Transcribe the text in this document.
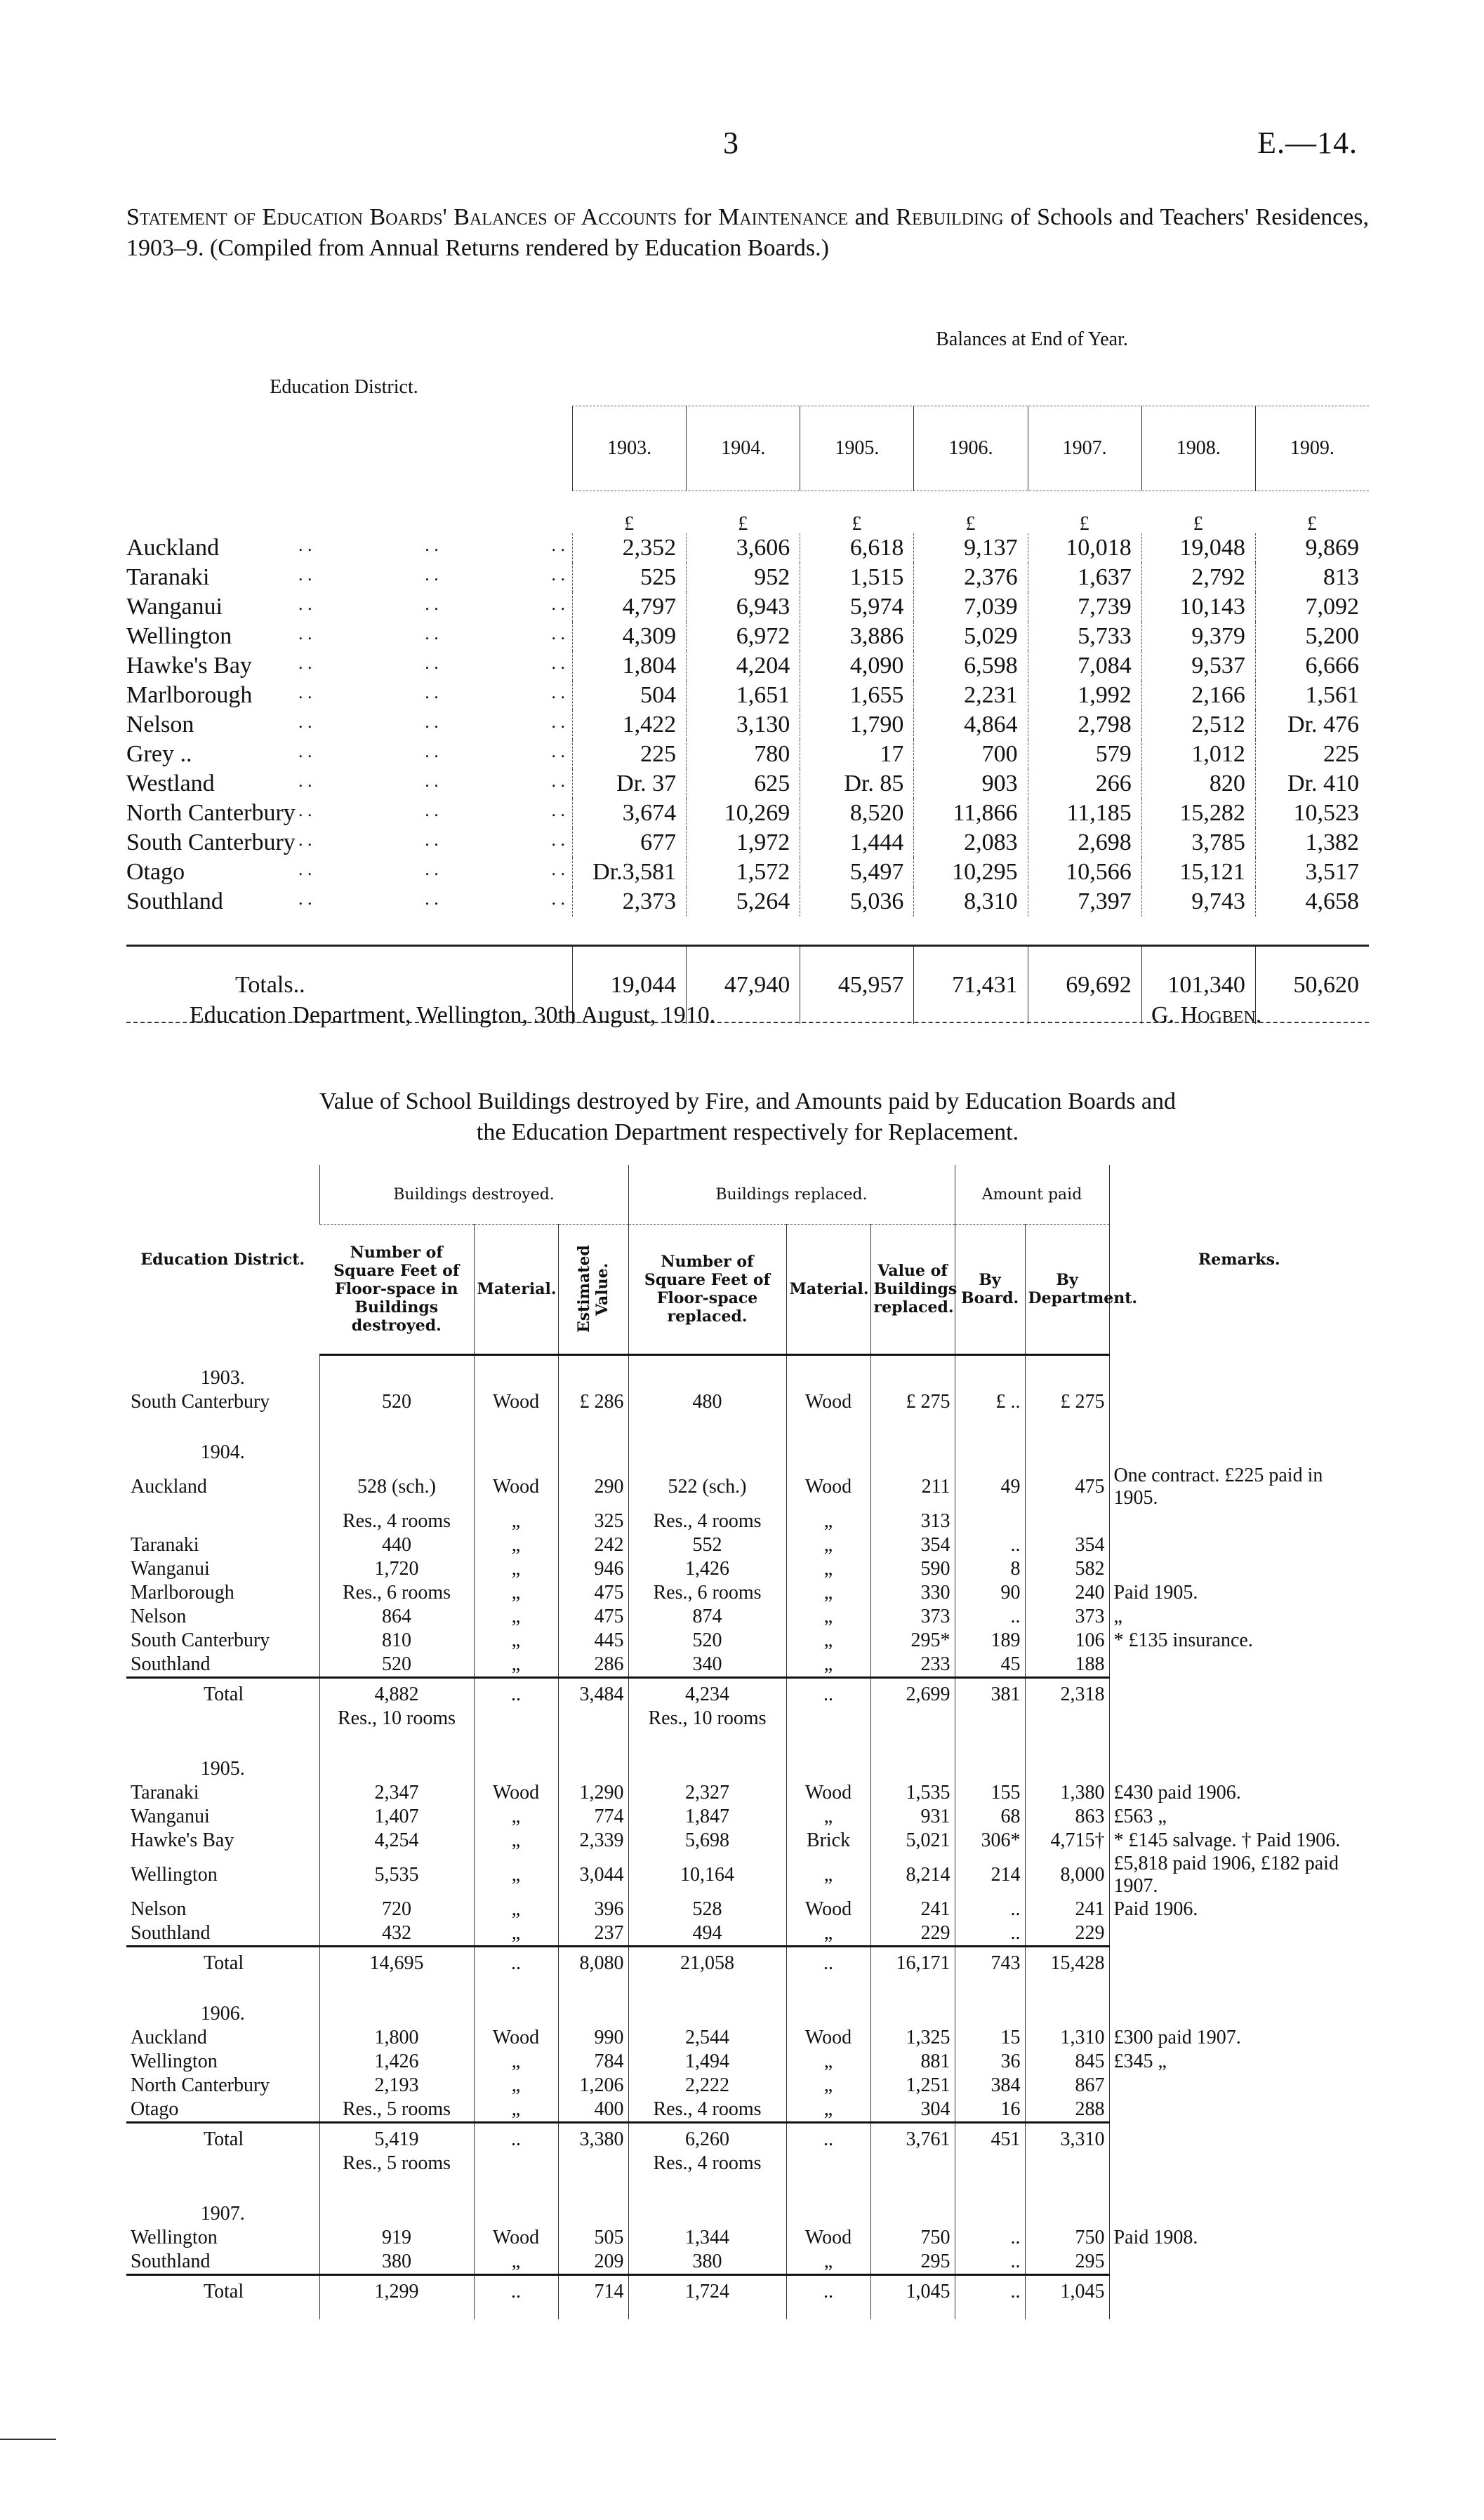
3	E.—14.
Statement of Education Boards' Balances of Accounts for Maintenance and Rebuilding of Schools and Teachers' Residences, 1903–9. (Compiled from Annual Returns rendered by Education Boards.)
Balances at End of Year.
Education District.
1903.	1904.	1905.	1906.	1907.	1908.	1909.
£	£	£	£	£	£	£
Auckland	. .	. .	. .	2,352	3,606	6,618	9,137	10,018	19,048	9,869
Taranaki	. .	. .	. .	525	952	1,515	2,376	1,637	2,792	813
Wanganui	. .	. .	. .	4,797	6,943	5,974	7,039	7,739	10,143	7,092
Wellington	. .	. .	. .	4,309	6,972	3,886	5,029	5,733	9,379	5,200
Hawke's Bay	. .	. .	. .	1,804	4,204	4,090	6,598	7,084	9,537	6,666
Marlborough	. .	. .	. .	504	1,651	1,655	2,231	1,992	2,166	1,561
Nelson	. .	. .	. .	1,422	3,130	1,790	4,864	2,798	2,512	Dr. 476
Grey ..	. .	. .	. .	225	780	17	700	579	1,012	225
Westland	. .	. .	. .	Dr. 37	625	Dr. 85	903	266	820	Dr. 410
North Canterbury . .	. .	. .	3,674	10,269	8,520	11,866	11,185	15,282	10,523
South Canterbury . .	. .	. .	677	1,972	1,444	2,083	2,698	3,785	1,382
Otago	. .	. .	. .	Dr.3,581	1,572	5,497	10,295	10,566	15,121	3,517
Southland	. .	. .	. .	2,373	5,264	5,036	8,310	7,397	9,743	4,658
Totals..	19,044	47,940	45,957	71,431	69,692	101,340	50,620
Education Department, Wellington, 30th August, 1910.	G. Hogben.
Value of School Buildings destroyed by Fire, and Amounts paid by Education Boards and
the Education Department respectively for Replacement.
Education District.	Buildings destroyed.			Buildings replaced.			Amount paid		Remarks.
	Number of Square Feet of Floor-space in Buildings destroyed.	Material.	Estimated Value.	Number of Square Feet of Floor-space replaced.	Material.	Value of Buildings replaced.	By Board.	By Department.	
1903.									
South Canterbury	520	Wood	£ 286	480	Wood	£ 275	£ ..	£ 275	

1904.									
Auckland	528 (sch.)	Wood	290	522 (sch.)	Wood	211	49	475	One contract. £225 paid in 1905.
	Res., 4 rooms	„	325	Res., 4 rooms	„	313			
Taranaki	440	„	242	552	„	354	..	354	
Wanganui	1,720	„	946	1,426	„	590	8	582	
Marlborough	Res., 6 rooms	„	475	Res., 6 rooms	„	330	90	240	Paid 1905.
Nelson	864	„	475	874	„	373	..	373	„
South Canterbury	810	„	445	520	„	295*	189	106	* £135 insurance.
Southland	520	„	286	340	„	233	45	188	
Total	4,882	..	3,484	4,234	..	2,699	381	2,318	
	Res., 10 rooms			Res., 10 rooms					

1905.									
Taranaki	2,347	Wood	1,290	2,327	Wood	1,535	155	1,380	£430 paid 1906.
Wanganui	1,407	„	774	1,847	„	931	68	863	£563 „
Hawke's Bay	4,254	„	2,339	5,698	Brick	5,021	306*	4,715†	* £145 salvage. † Paid 1906.
Wellington	5,535	„	3,044	10,164	„	8,214	214	8,000	£5,818 paid 1906, £182 paid 1907.
Nelson	720	„	396	528	Wood	241	..	241	Paid 1906.
Southland	432	„	237	494	„	229	..	229	
Total	14,695	..	8,080	21,058	..	16,171	743	15,428	

1906.									
Auckland	1,800	Wood	990	2,544	Wood	1,325	15	1,310	£300 paid 1907.
Wellington	1,426	„	784	1,494	„	881	36	845	£345 „
North Canterbury	2,193	„	1,206	2,222	„	1,251	384	867	
Otago	Res., 5 rooms	„	400	Res., 4 rooms	„	304	16	288	
Total	5,419	..	3,380	6,260	..	3,761	451	3,310	
	Res., 5 rooms			Res., 4 rooms					

1907.									
Wellington	919	Wood	505	1,344	Wood	750	..	750	Paid 1908.
Southland	380	„	209	380	„	295	..	295	
Total	1,299	..	714	1,724	..	1,045	..	1,045	
